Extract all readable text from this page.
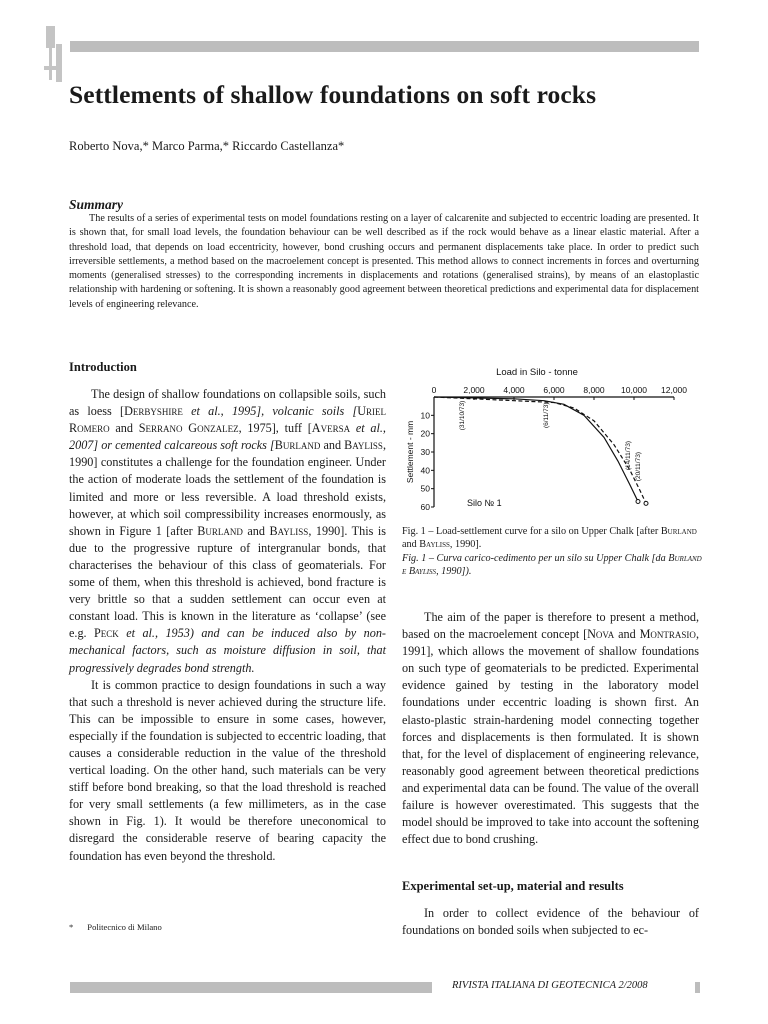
Settlements of shallow foundations on soft rocks
Roberto Nova,* Marco Parma,* Riccardo Castellanza*
Summary

The results of a series of experimental tests on model foundations resting on a layer of calcarenite and subjected to eccentric loading are presented. It is shown that, for small load levels, the foundation behaviour can be well described as if the rock would behave as a linear elastic material. After a threshold load, that depends on load eccentricity, however, bond crushing occurs and permanent displacements take place. In order to predict such irreversible settlements, a method based on the macroelement concept is presented. This method allows to connect increments in forces and overturning moments (generalised stresses) to the corresponding increments in displacements and rotations (generalised strains), by means of an elastoplastic relationship with hardening or softening. It is shown a reasonably good agreement between theoretical predictions and experimental data for displacement levels of engineering relevance.

Introduction

The design of shallow foundations on collapsible soils, such as loess [Derbyshire et al., 1995], volcanic soils [Uriel Romero and Serrano Gonzalez, 1975], tuff [Aversa et al., 2007] or cemented calcareous soft rocks [Burland and Bayliss, 1990] constitutes a challenge for the foundation engineer. Under the action of moderate loads the settlement of the foundation is limited and more or less reversible. A load threshold exists, however, at which soil compressibility increases enormously, as shown in Figure 1 [after Burland and Bayliss, 1990]. This is due to the progressive rupture of intergranular bonds, that characterises the behaviour of this class of geomaterials. For some of them, when this threshold is achieved, bond fracture is very brittle so that a sudden settlement can occur even at constant load. This is known in the literature as ‘collapse’ (see e.g. Peck et al., 1953) and can be induced also by non-mechanical factors, such as moisture diffusion in soil, that progressively degrades bond strength.

It is common practice to design foundations in such a way that such a threshold is never achieved during the structure life. This can be impossible to ensure in some cases, however, especially if the foundation is subjected to eccentric loading, that causes a considerable reduction in the value of the threshold vertical loading. On the other hand, such materials can be very stiff before bond breaking, so that the load threshold is reached for very small settlements (a few millimeters, as in the case shown in Fig. 1). It would be therefore uneconomical to disregard the considerable reserve of bearing capacity the foundation has even beyond the threshold.

Load in Silo - tonne
0	2,000 4,000 6,000 8,000 10,000 12,000
10
20
30
40
50
60
Settlement - mm
(31/10/73)	(6/11/73)
(14/11/73) (20/11/73)
Silo № 1
Fig. 1 – Load-settlement curve for a silo on Upper Chalk [after Burland and Bayliss, 1990].
Fig. 1 – Curva carico-cedimento per un silo su Upper Chalk [da Burland e Bayliss, 1990]).

The aim of the paper is therefore to present a method, based on the macroelement concept [Nova and Montrasio, 1991], which allows the movement of shallow foundations on such type of geomaterials to be predicted. Experimental evidence gained by testing in the laboratory model foundations under eccentric loading is shown first. An elasto-plastic strain-hardening model connecting together forces and displacements is then formulated. It is shown that, for the level of displacement of engineering relevance, reasonably good agreement between theoretical predictions and experimental data can be found. The value of the overall failure is however overestimated. This suggests that the model should be improved to take into account the softening effect due to bond crushing.

Experimental set-up, material and results

In order to collect evidence of the behaviour of foundations on bonded soils when subjected to ec-

* Politecnico di Milano
RIVISTA ITALIANA DI GEOTECNICA 2/2008
